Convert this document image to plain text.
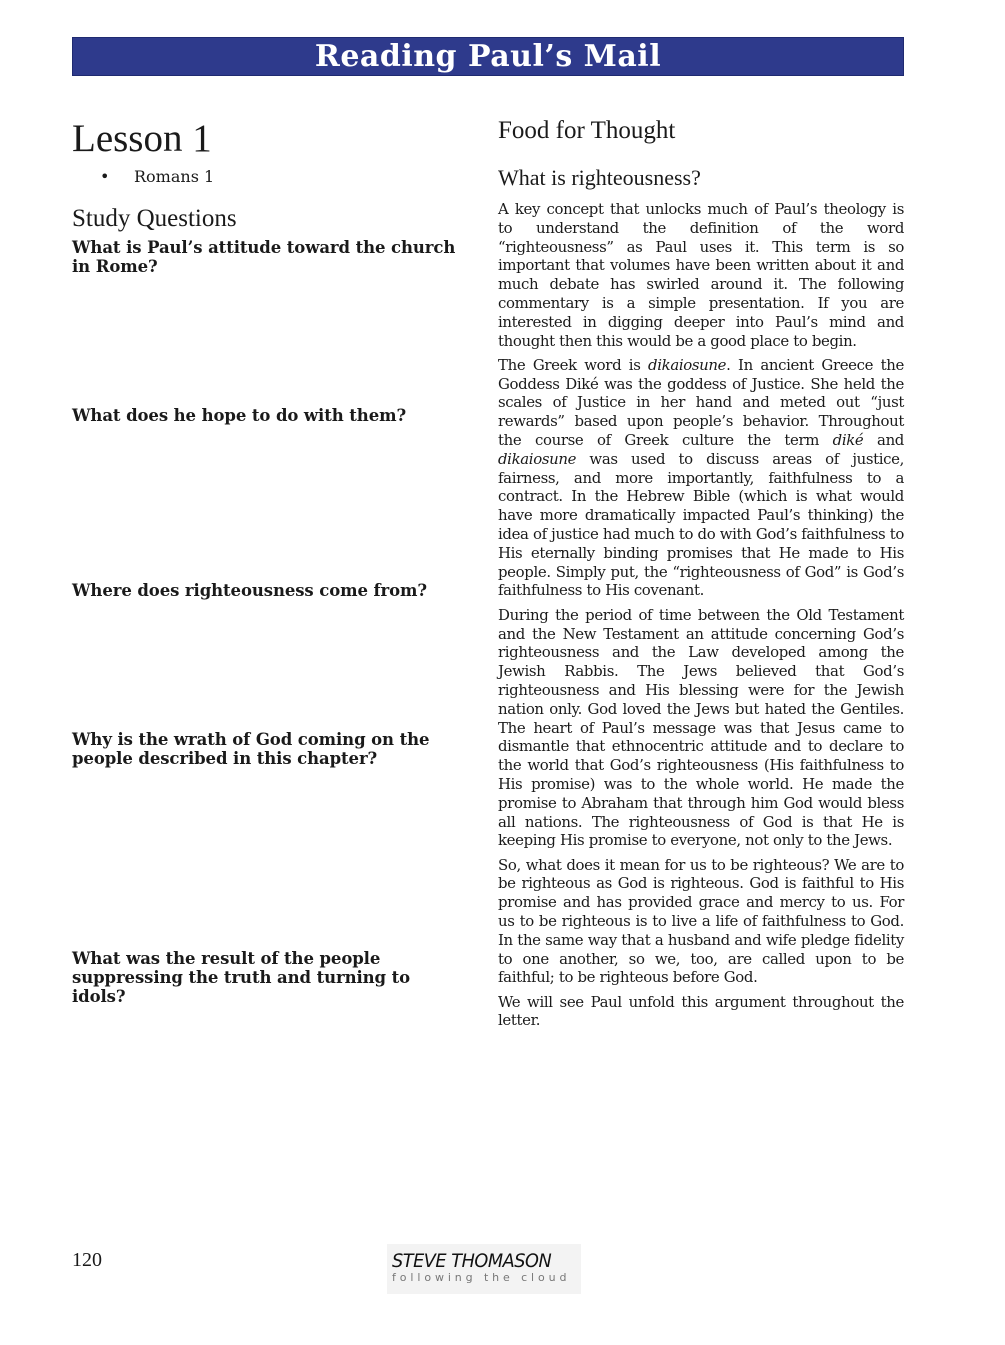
Reading Paul’s Mail
Lesson 1
• Romans 1
Study Questions

What is Paul’s attitude toward the church in Rome?

What does he hope to do with them?

Where does righteousness come from?

Why is the wrath of God coming on the people described in this chapter?

What was the result of the people suppressing the truth and turning to idols?

Food for Thought
What is righteousness?

A key concept that unlocks much of Paul’s theology is to understand the definition of the word “righteousness” as Paul uses it. This term is so important that volumes have been written about it and much debate has swirled around it. The following commentary is a simple presentation. If you are interested in digging deeper into Paul’s mind and thought then this would be a good place to begin.

The Greek word is dikaiosune. In ancient Greece the Goddess Diké was the goddess of Justice. She held the scales of Justice in her hand and meted out “just rewards” based upon people’s behavior. Throughout the course of Greek culture the term diké and dikaiosune was used to discuss areas of justice, fairness, and more importantly, faithfulness to a contract. In the Hebrew Bible (which is what would have more dramatically impacted Paul’s thinking) the idea of justice had much to do with God’s faithfulness to His eternally binding promises that He made to His people. Simply put, the “righteousness of God” is God’s faithfulness to His covenant.

During the period of time between the Old Testament and the New Testament an attitude concerning God’s righteousness and the Law developed among the Jewish Rabbis. The Jews believed that God’s righteousness and His blessing were for the Jewish nation only. God loved the Jews but hated the Gentiles. The heart of Paul’s message was that Jesus came to dismantle that ethnocentric attitude and to declare to the world that God’s righteousness (His faithfulness to His promise) was to the whole world. He made the promise to Abraham that through him God would bless all nations. The righteousness of God is that He is keeping His promise to everyone, not only to the Jews.

So, what does it mean for us to be righteous? We are to be righteous as God is righteous. God is faithful to His promise and has provided grace and mercy to us. For us to be righteous is to live a life of faithfulness to God. In the same way that a husband and wife pledge fidelity to one another, so we, too, are called upon to be faithful; to be righteous before God.

We will see Paul unfold this argument throughout the letter.

120	STEVE THOMASON
following the cloud
